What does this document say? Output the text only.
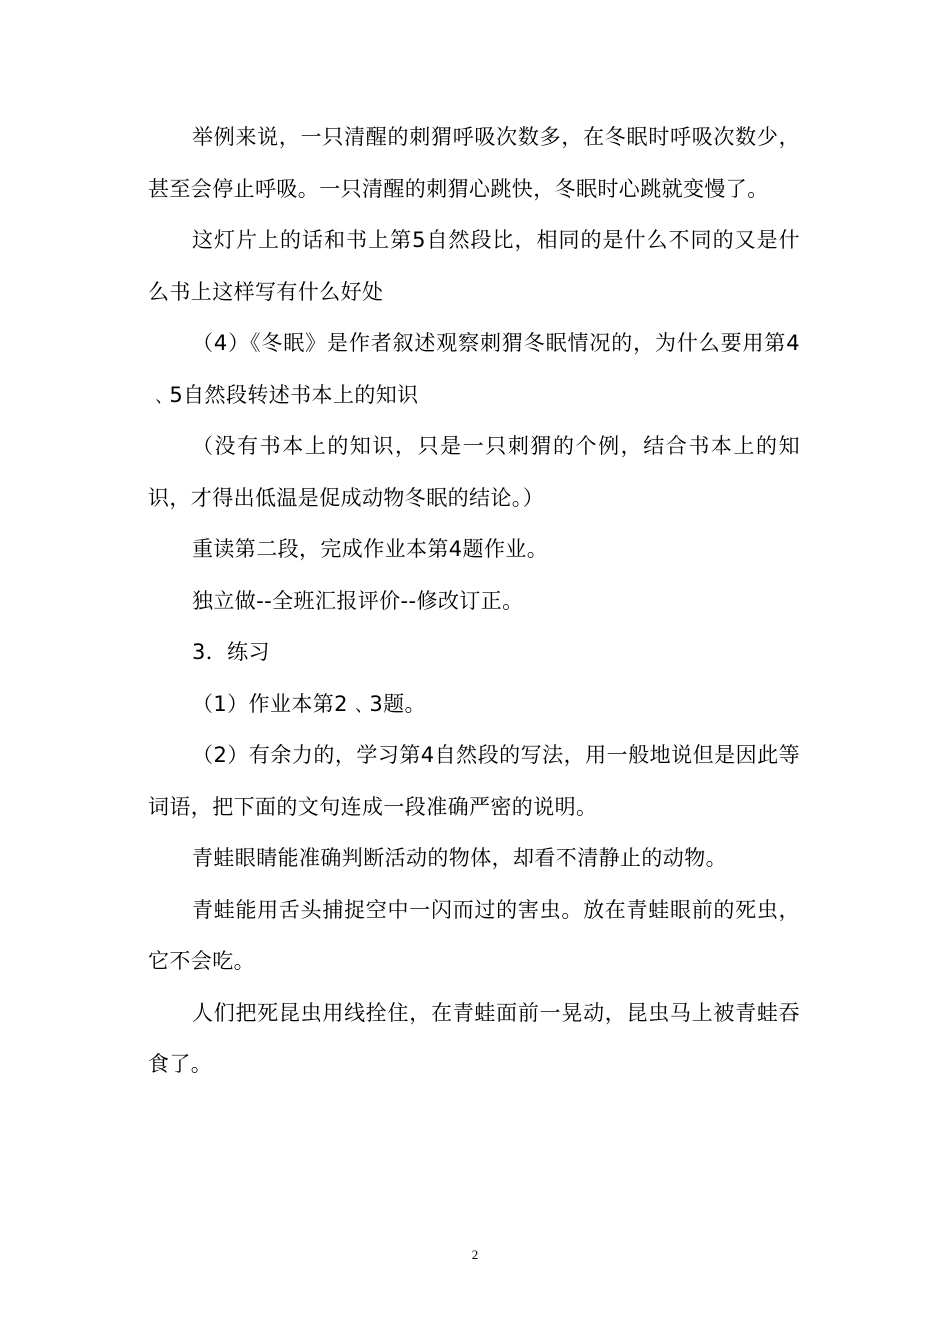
举例来说，一只清醒的刺猬呼吸次数多，在冬眠时呼吸次数少，甚至会停止呼吸。一只清醒的刺猬心跳快，冬眠时心跳就变慢了。

这灯片上的话和书上第5自然段比，相同的是什么不同的又是什么书上这样写有什么好处

（4）《冬眠》是作者叙述观察刺猬冬眠情况的，为什么要用第4﹑5自然段转述书本上的知识

（没有书本上的知识，只是一只刺猬的个例，结合书本上的知识，才得出低温是促成动物冬眠的结论。）

重读第二段，完成作业本第4题作业。

独立做--全班汇报评价--修改订正。

3．练习

（1）作业本第2﹑3题。

（2）有余力的，学习第4自然段的写法，用一般地说但是因此等词语，把下面的文句连成一段准确严密的说明。

青蛙眼睛能准确判断活动的物体，却看不清静止的动物。

青蛙能用舌头捕捉空中一闪而过的害虫。放在青蛙眼前的死虫，它不会吃。

人们把死昆虫用线拴住，在青蛙面前一晃动，昆虫马上被青蛙吞食了。

2
